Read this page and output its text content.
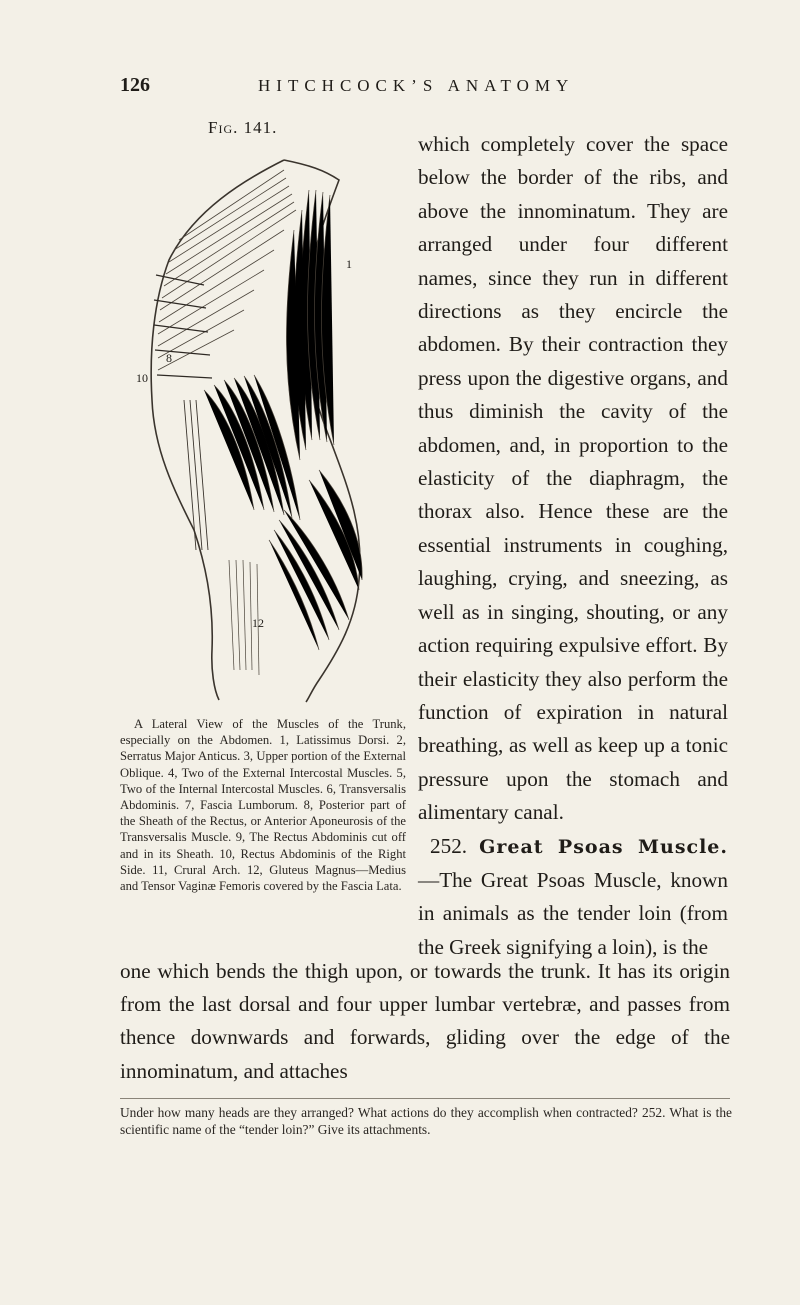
126	HITCHCOCK’S ANATOMY
Fig. 141.
1
8
10
12
A Lateral View of the Muscles of the Trunk, especially on the Abdomen. 1, Latissimus Dorsi. 2, Serratus Major Anticus. 3, Upper portion of the External Oblique. 4, Two of the External Intercostal Muscles. 5, Two of the Internal Intercostal Muscles. 6, Transversalis Abdominis. 7, Fascia Lumborum. 8, Posterior part of the Sheath of the Rectus, or Anterior Aponeurosis of the Transversalis Muscle. 9, The Rectus Abdominis cut off and in its Sheath. 10, Rectus Abdominis of the Right Side. 11, Crural Arch. 12, Gluteus Magnus—Medius and Tensor Vaginæ Femoris covered by the Fascia Lata.
which completely cover the space below the border of the ribs, and above the innominatum. They are arranged under four different names, since they run in different directions as they encircle the abdomen. By their contraction they press upon the digestive organs, and thus diminish the cavity of the abdomen, and, in proportion to the elasticity of the diaphragm, the thorax also. Hence these are the essential instruments in coughing, laughing, crying, and sneezing, as well as in singing, shouting, or any action requiring expulsive effort. By their elasticity they also perform the function of expiration in natural breathing, as well as keep up a tonic pressure upon the stomach and alimentary canal.
252. Great Psoas Muscle.—The Great Psoas Muscle, known in animals as the tender loin (from the Greek signifying a loin), is the
one which bends the thigh upon, or towards the trunk. It has its origin from the last dorsal and four upper lumbar vertebræ, and passes from thence downwards and forwards, gliding over the edge of the innominatum, and attaches
Under how many heads are they arranged? What actions do they accomplish when contracted? 252. What is the scientific name of the “tender loin?” Give its attachments.
